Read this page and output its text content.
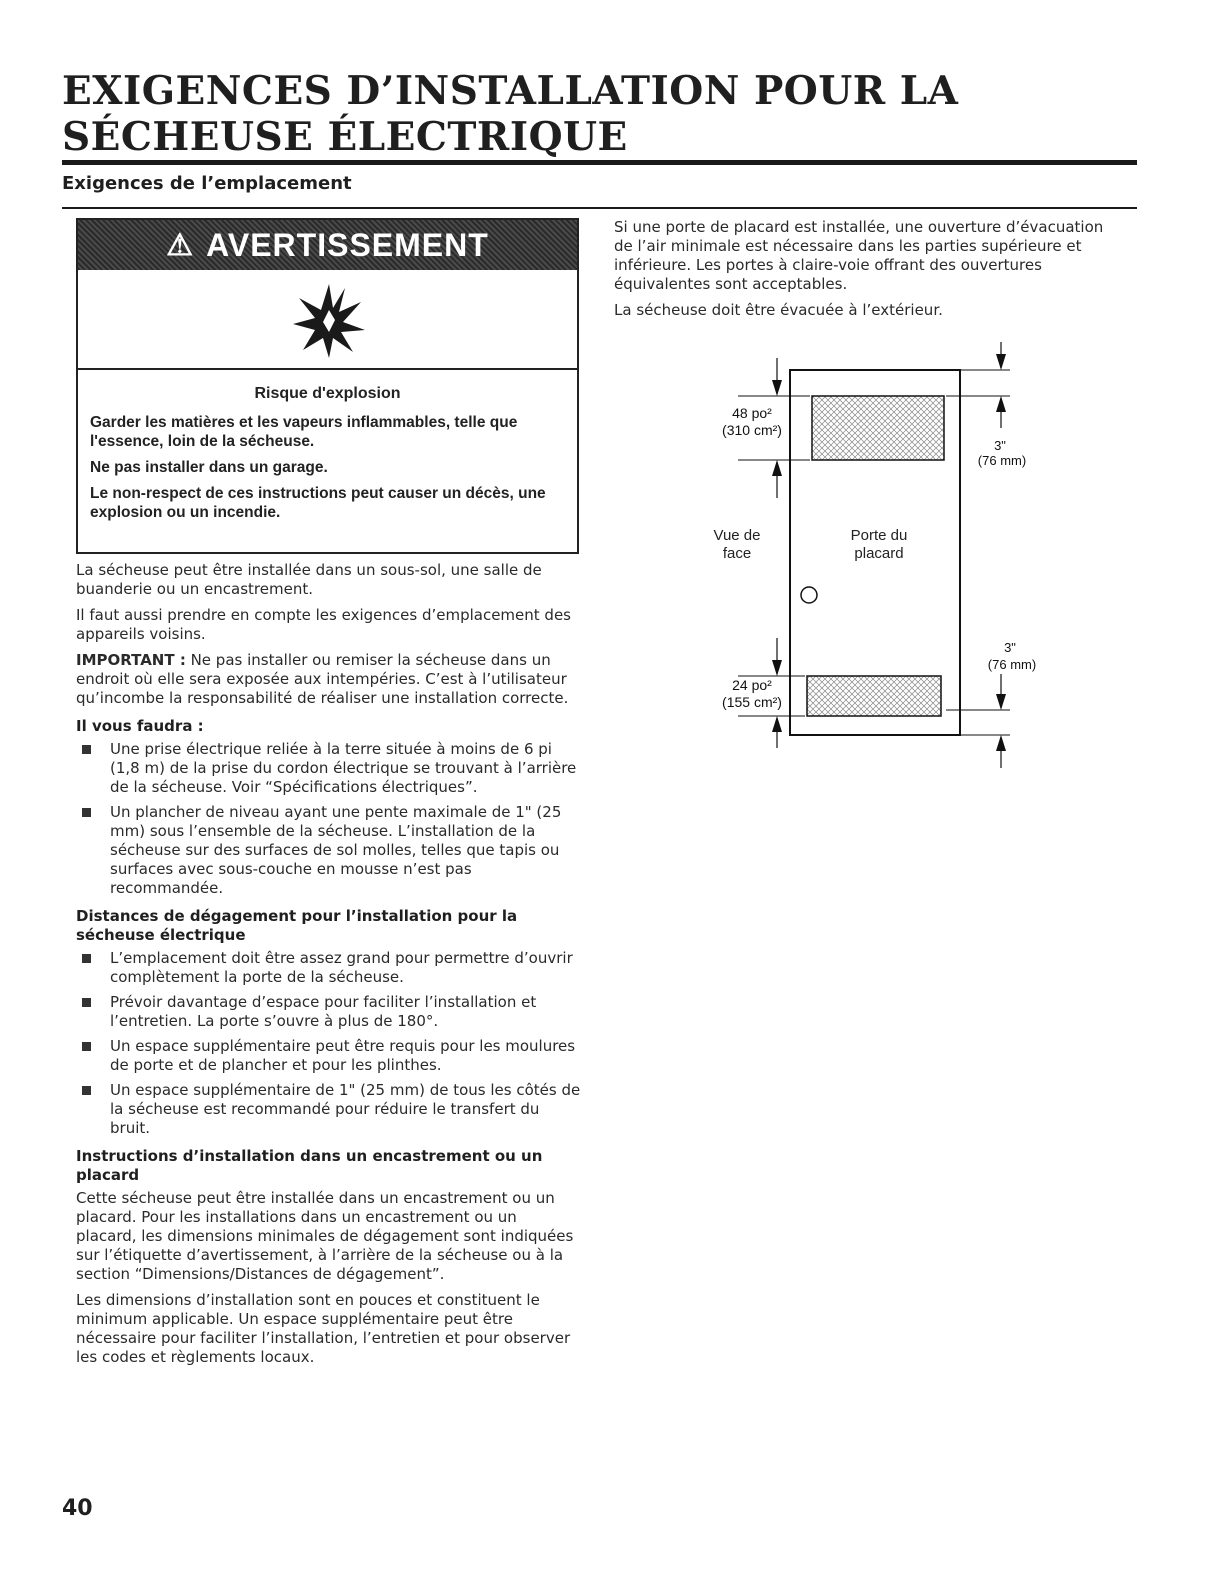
EXIGENCES D’INSTALLATION POUR LA SÉCHEUSE ÉLECTRIQUE
Exigences de l’emplacement
⚠ AVERTISSEMENT

Risque d'explosion

Garder les matières et les vapeurs inflammables, telle que l'essence, loin de la sécheuse.

Ne pas installer dans un garage.

Le non-respect de ces instructions peut causer un décès, une explosion ou un incendie.

La sécheuse peut être installée dans un sous-sol, une salle de buanderie ou un encastrement.

Il faut aussi prendre en compte les exigences d’emplacement des appareils voisins.

IMPORTANT : Ne pas installer ou remiser la sécheuse dans un endroit où elle sera exposée aux intempéries. C’est à l’utilisateur qu’incombe la responsabilité de réaliser une installation correcte.

Il vous faudra :
Une prise électrique reliée à la terre située à moins de 6 pi (1,8 m) de la prise du cordon électrique se trouvant à l’arrière de la sécheuse. Voir “Spécifications électriques”.
Un plancher de niveau ayant une pente maximale de 1" (25 mm) sous l’ensemble de la sécheuse. L’installation de la sécheuse sur des surfaces de sol molles, telles que tapis ou surfaces avec sous-couche en mousse n’est pas recommandée.
Distances de dégagement pour l’installation pour la sécheuse électrique
L’emplacement doit être assez grand pour permettre d’ouvrir complètement la porte de la sécheuse.
Prévoir davantage d’espace pour faciliter l’installation et l’entretien. La porte s’ouvre à plus de 180°.
Un espace supplémentaire peut être requis pour les moulures de porte et de plancher et pour les plinthes.
Un espace supplémentaire de 1" (25 mm) de tous les côtés de la sécheuse est recommandé pour réduire le transfert du bruit.
Instructions d’installation dans un encastrement ou un placard

Cette sécheuse peut être installée dans un encastrement ou un placard. Pour les installations dans un encastrement ou un placard, les dimensions minimales de dégagement sont indiquées sur l’étiquette d’avertissement, à l’arrière de la sécheuse ou à la section “Dimensions/Distances de dégagement”.

Les dimensions d’installation sont en pouces et constituent le minimum applicable. Un espace supplémentaire peut être nécessaire pour faciliter l’installation, l’entretien et pour observer les codes et règlements locaux.

Si une porte de placard est installée, une ouverture d’évacuation de l’air minimale est nécessaire dans les parties supérieure et inférieure. Les portes à claire-voie offrant des ouvertures équivalentes sont acceptables.

La sécheuse doit être évacuée à l’extérieur.

48 po²
(310 cm²)
24 po²
(155 cm²)
3"
(76 mm)
3"
(76 mm)
Vue de
face
Porte du
placard
40
